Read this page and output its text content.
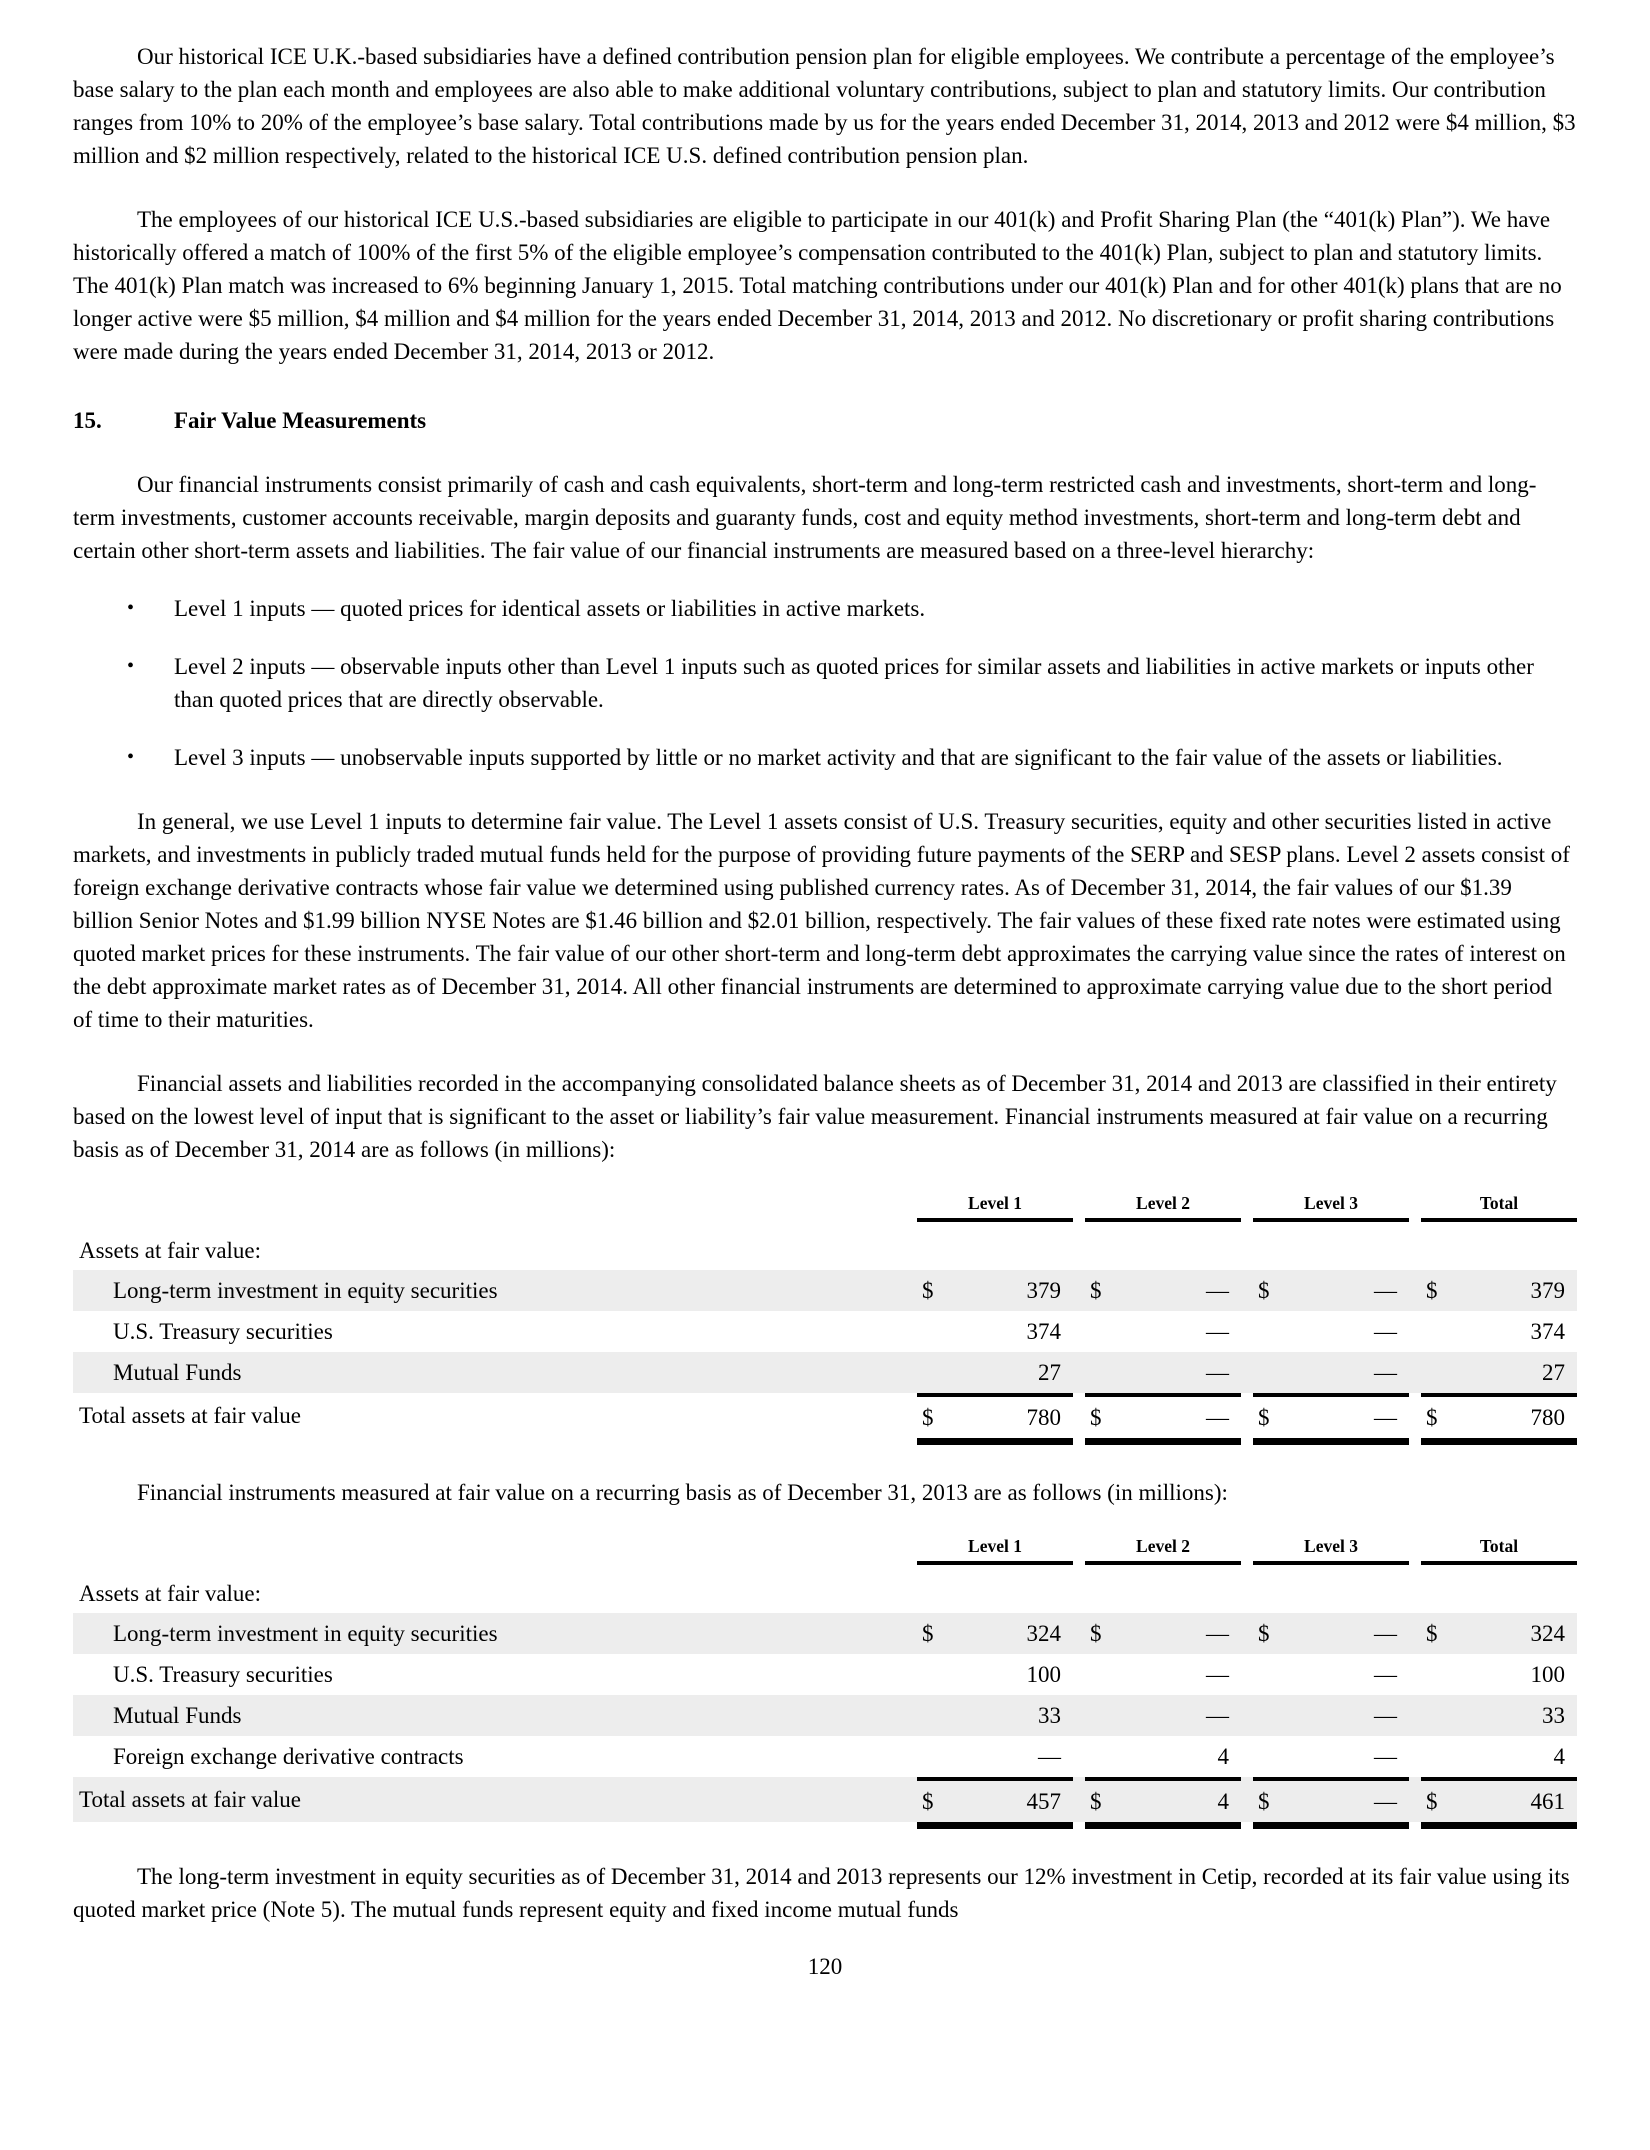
Our historical ICE U.K.-based subsidiaries have a defined contribution pension plan for eligible employees. We contribute a percentage of the employee’s base salary to the plan each month and employees are also able to make additional voluntary contributions, subject to plan and statutory limits. Our contribution ranges from 10% to 20% of the employee’s base salary. Total contributions made by us for the years ended December 31, 2014, 2013 and 2012 were $4 million, $3 million and $2 million respectively, related to the historical ICE U.S. defined contribution pension plan.

The employees of our historical ICE U.S.-based subsidiaries are eligible to participate in our 401(k) and Profit Sharing Plan (the “401(k) Plan”). We have historically offered a match of 100% of the first 5% of the eligible employee’s compensation contributed to the 401(k) Plan, subject to plan and statutory limits. The 401(k) Plan match was increased to 6% beginning January 1, 2015. Total matching contributions under our 401(k) Plan and for other 401(k) plans that are no longer active were $5 million, $4 million and $4 million for the years ended December 31, 2014, 2013 and 2012. No discretionary or profit sharing contributions were made during the years ended December 31, 2014, 2013 or 2012.

15.	Fair Value Measurements

Our financial instruments consist primarily of cash and cash equivalents, short-term and long-term restricted cash and investments, short-term and long-term investments, customer accounts receivable, margin deposits and guaranty funds, cost and equity method investments, short-term and long-term debt and certain other short-term assets and liabilities. The fair value of our financial instruments are measured based on a three-level hierarchy:

•	Level 1 inputs — quoted prices for identical assets or liabilities in active markets.
•	Level 2 inputs — observable inputs other than Level 1 inputs such as quoted prices for similar assets and liabilities in active markets or inputs other than quoted prices that are directly observable.
•	Level 3 inputs — unobservable inputs supported by little or no market activity and that are significant to the fair value of the assets or liabilities.

In general, we use Level 1 inputs to determine fair value. The Level 1 assets consist of U.S. Treasury securities, equity and other securities listed in active markets, and investments in publicly traded mutual funds held for the purpose of providing future payments of the SERP and SESP plans. Level 2 assets consist of foreign exchange derivative contracts whose fair value we determined using published currency rates. As of December 31, 2014, the fair values of our $1.39 billion Senior Notes and $1.99 billion NYSE Notes are $1.46 billion and $2.01 billion, respectively. The fair values of these fixed rate notes were estimated using quoted market prices for these instruments. The fair value of our other short-term and long-term debt approximates the carrying value since the rates of interest on the debt approximate market rates as of December 31, 2014. All other financial instruments are determined to approximate carrying value due to the short period of time to their maturities.

Financial assets and liabilities recorded in the accompanying consolidated balance sheets as of December 31, 2014 and 2013 are classified in their entirety based on the lowest level of input that is significant to the asset or liability’s fair value measurement. Financial instruments measured at fair value on a recurring basis as of December 31, 2014 are as follows (in millions):

Level 1	Level 2	Level 3	Total
Assets at fair value:
Long-term investment in equity securities	$	379 $	— $	— $	379
U.S. Treasury securities	374	—	—	374
Mutual Funds	27	—	—	27
Total assets at fair value	$	780 $	— $	— $	780

Financial instruments measured at fair value on a recurring basis as of December 31, 2013 are as follows (in millions):

Level 1	Level 2	Level 3	Total
Assets at fair value:
Long-term investment in equity securities	$	324 $	— $	— $	324
U.S. Treasury securities	100	—	—	100
Mutual Funds	33	—	—	33
Foreign exchange derivative contracts	—	4	—	4
Total assets at fair value	$	457 $	4 $	— $	461

The long-term investment in equity securities as of December 31, 2014 and 2013 represents our 12% investment in Cetip, recorded at its fair value using its quoted market price (Note 5). The mutual funds represent equity and fixed income mutual funds

120
